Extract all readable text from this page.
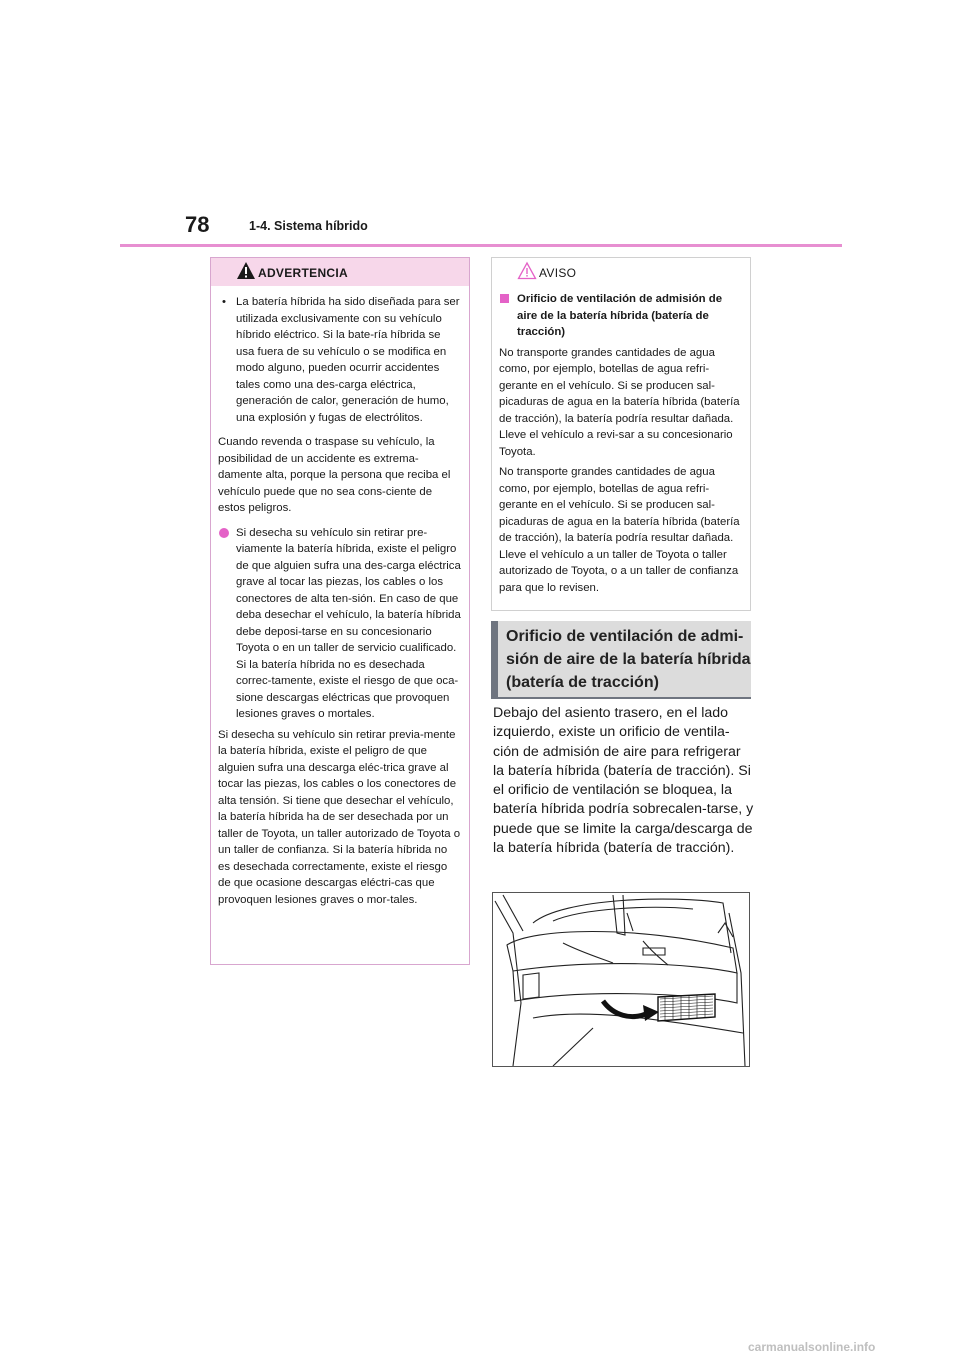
78	1-4. Sistema híbrido
ADVERTENCIA

• La batería híbrida ha sido diseñada para ser utilizada exclusivamente con su vehículo híbrido eléctrico. Si la bate-ría híbrida se usa fuera de su vehículo o se modifica en modo alguno, pueden ocurrir accidentes tales como una des-carga eléctrica, generación de calor, generación de humo, una explosión y fugas de electrólitos.

Cuando revenda o traspase su vehículo, la posibilidad de un accidente es extrema-damente alta, porque la persona que reciba el vehículo puede que no sea cons-ciente de estos peligros.

Si desecha su vehículo sin retirar pre-viamente la batería híbrida, existe el peligro de que alguien sufra una des-carga eléctrica grave al tocar las piezas, los cables o los conectores de alta ten-sión. En caso de que deba desechar el vehículo, la batería híbrida debe deposi-tarse en su concesionario Toyota o en un taller de servicio cualificado. Si la batería híbrida no es desechada correc-tamente, existe el riesgo de que oca-sione descargas eléctricas que provoquen lesiones graves o mortales.

Si desecha su vehículo sin retirar previa-mente la batería híbrida, existe el peligro de que alguien sufra una descarga eléc-trica grave al tocar las piezas, los cables o los conectores de alta tensión. Si tiene que desechar el vehículo, la batería híbrida ha de ser desechada por un taller de Toyota, un taller autorizado de Toyota o un taller de confianza. Si la batería híbrida no es desechada correctamente, existe el riesgo de que ocasione descargas eléctri-cas que provoquen lesiones graves o mor-tales.

AVISO
Orificio de ventilación de admisión de aire de la batería híbrida (batería de tracción)

No transporte grandes cantidades de agua como, por ejemplo, botellas de agua refri-gerante en el vehículo. Si se producen sal-picaduras de agua en la batería híbrida (batería de tracción), la batería podría resultar dañada. Lleve el vehículo a revi-sar a su concesionario Toyota.

No transporte grandes cantidades de agua como, por ejemplo, botellas de agua refri-gerante en el vehículo. Si se producen sal-picaduras de agua en la batería híbrida (batería de tracción), la batería podría resultar dañada. Lleve el vehículo a un taller de Toyota o taller autorizado de Toyota, o a un taller de confianza para que lo revisen.

Orificio de ventilación de admi-sión de aire de la batería híbrida (batería de tracción)
Debajo del asiento trasero, en el lado izquierdo, existe un orificio de ventila-ción de admisión de aire para refrigerar la batería híbrida (batería de tracción). Si el orificio de ventilación se bloquea, la batería híbrida podría sobrecalen-tarse, y puede que se limite la carga/descarga de la batería híbrida (batería de tracción).
carmanualsonline.info
